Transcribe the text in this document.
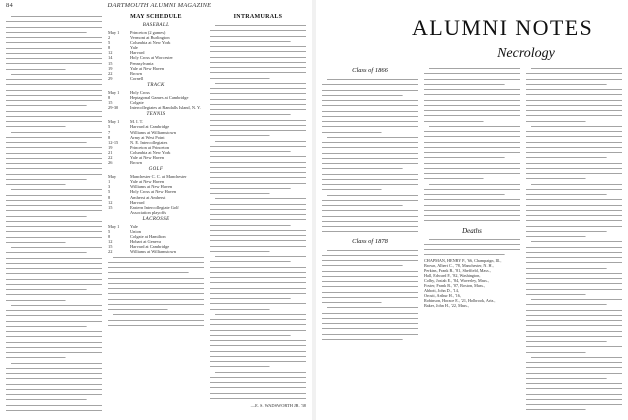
84	DARTMOUTH ALUMNI MAGAZINE
MAY SCHEDULE
BASEBALL
May 1	Princeton (2 games)
2	Vermont at Burlington
5	Columbia at New York
8	Yale
12	Harvard
14	Holy Cross at Worcester
15	Pennsylvania
19	Yale at New Haven
22	Brown
29	Cornell
TRACK
May 1	Holy Cross
8	Heptagonal Games at Cambridge
15	Colgate
29-30	Intercollegiates at Randalls Island, N. Y.
TENNIS
May 1	M. I. T.
5	Harvard at Cambridge
7	Williams at Williamstown
8	Army at West Point
12-15	N. E. Intercollegiates
19	Princeton at Princeton
21	Columbia at New York
22	Yale at New Haven
26	Brown
GOLF
May	Manchester C. C. at Manchester
1	Yale at New Haven
3	Williams at New Haven
5	Holy Cross at New Haven
8	Amherst at Amherst
12	Harvard
15	Eastern Intercollegiate Golf
Association playoffs
LACROSSE
May 1	Yale
5	Union
8	Colgate at Hamilton
12	Hobart at Geneva
15	Harvard at Cambridge
22	Williams at Williamstown
INTRAMURALS
—E. S. WADSWORTH JR. '38
ALUMNI NOTES
Necrology
Class of 1866
Class of 1878
Deaths
CHAPMAN, HENRY P., '66, Champaign, Ill.,
Brown, Albert C., '78, Manchester, N. H.,
Perkins, Frank B., '81, Sheffield, Mass.,
Hall, Edward F., '82, Washington,
Colby, Josiah E., '84, Waverley, Mass.,
Foster, Frank B., '07, Boston, Mass.,
Abbott, John D., '14,
Orcutt, Arthur H., '16,
Robinson, Horace E., '21, Holbrook, Ariz.,
Baker, John H., '22, Mass.,
